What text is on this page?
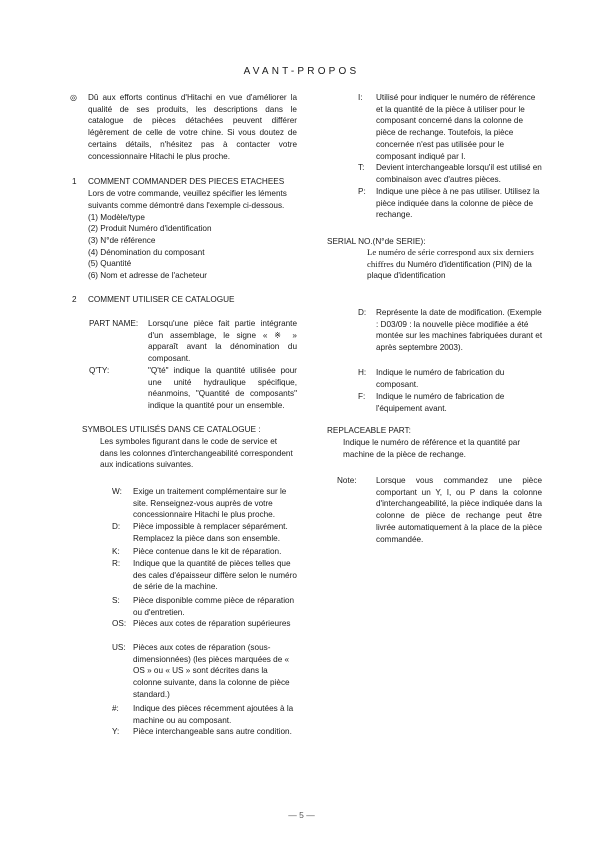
AVANT-PROPOS
◎ Dû aux efforts continus d'Hitachi en vue d'améliorer la qualité de ses produits, les descriptions dans le catalogue de pièces détachées peuvent différer légèrement de celle de votre chine. Si vous doutez de certains détails, n'hésitez pas à contacter votre concessionnaire Hitachi le plus proche.
1 COMMENT COMMANDER DES PIECES ETACHEES
Lors de votre commande, veuillez spécifier les léments suivants comme démontré dans l'exemple ci-dessous.
(1) Modèle/type
(2) Produit Numéro d'identification
(3) N°de référence
(4) Dénomination du composant
(5) Quantité
(6) Nom et adresse de l'acheteur
2 COMMENT UTILISER CE CATALOGUE
PART NAME: Lorsqu'une pièce fait partie intégrante d'un assemblage, le signe « ※ » apparaît avant la dénomination du composant.
Q'TY:	"Q'té" indique la quantité utilisée pour une unité hydraulique spécifique, néanmoins, "Quantité de composants" indique la quantité pour un ensemble.
SYMBOLES UTILISÉS DANS CE CATALOGUE :
Les symboles figurant dans le code de service et dans les colonnes d'interchangeabilité correspondent aux indications suivantes.
W: Exige un traitement complémentaire sur le site. Renseignez-vous auprès de votre concessionnaire Hitachi le plus proche.
D: Pièce impossible à remplacer séparément. Remplacez la pièce dans son ensemble.
K: Pièce contenue dans le kit de réparation.
R: Indique que la quantité de pièces telles que des cales d'épaisseur diffère selon le numéro de série de la machine.
S: Pièce disponible comme pièce de réparation ou d'entretien.
OS: Pièces aux cotes de réparation supérieures
US: Pièces aux cotes de réparation (sous-dimensionnées) (les pièces marquées de « OS » ou « US » sont décrites dans la colonne suivante, dans la colonne de pièce standard.)
#: Indique des pièces récemment ajoutées à la machine ou au composant.
Y: Pièce interchangeable sans autre condition.
I: Utilisé pour indiquer le numéro de référence et la quantité de la pièce à utiliser pour le composant concerné dans la colonne de pièce de rechange. Toutefois, la pièce concernée n'est pas utilisée pour le composant indiqué par I.
T: Devient interchangeable lorsqu'il est utilisé en combinaison avec d'autres pièces.
P: Indique une pièce à ne pas utiliser. Utilisez la pièce indiquée dans la colonne de pièce de rechange.
SERIAL NO.(N°de SERIE):
Le numéro de série correspond aux six derniers chiffres du Numéro d'identification (PIN) de la plaque d'identification
D: Représente la date de modification. (Exemple : D03/09 : la nouvelle pièce modifiée a été montée sur les machines fabriquées durant et après septembre 2003).
H: Indique le numéro de fabrication du composant.
F: Indique le numéro de fabrication de l'équipement avant.
REPLACEABLE PART:
Indique le numéro de référence et la quantité par machine de la pièce de rechange.
Note: Lorsque vous commandez une pièce comportant un Y, I, ou P dans la colonne d'interchangeabilité, la pièce indiquée dans la colonne de pièce de rechange peut être livrée automatiquement à la place de la pièce commandée.
— 5 —
